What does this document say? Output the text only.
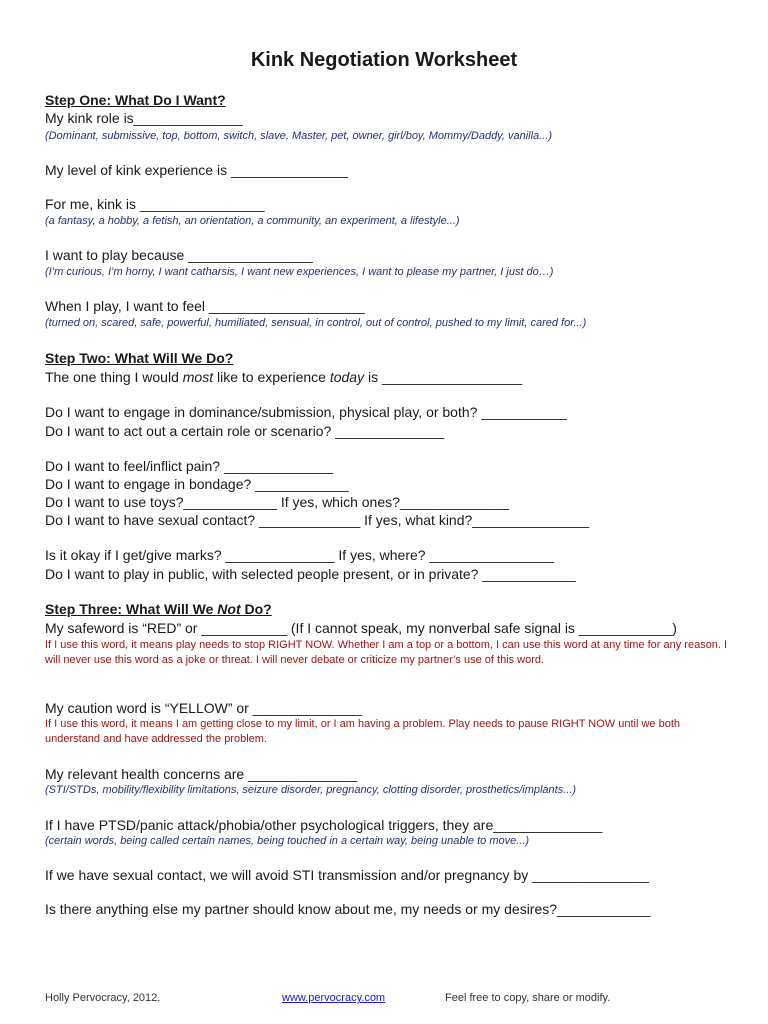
Kink Negotiation Worksheet

Step One: What Do I Want?

My kink role is______________

(Dominant, submissive, top, bottom, switch, slave, Master, pet, owner, girl/boy, Mommy/Daddy, vanilla...)

My level of kink experience is _______________

For me, kink is ________________

(a fantasy, a hobby, a fetish, an orientation, a community, an experiment, a lifestyle...)

I want to play because ________________

(I’m curious, I’m horny, I want catharsis, I want new experiences, I want to please my partner, I just do…)

When I play, I want to feel ____________________

(turned on, scared, safe, powerful, humiliated, sensual, in control, out of control, pushed to my limit, cared for...)

Step Two: What Will We Do?

The one thing I would most like to experience today is __________________

Do I want to engage in dominance/submission, physical play, or both? ___________

Do I want to act out a certain role or scenario? ______________

Do I want to feel/inflict pain? ______________

Do I want to engage in bondage? ____________

Do I want to use toys?____________ If yes, which ones?______________

Do I want to have sexual contact? _____________ If yes, what kind?_______________

Is it okay if I get/give marks? ______________ If yes, where? ________________

Do I want to play in public, with selected people present, or in private? ____________

Step Three: What Will We Not Do?

My safeword is “RED” or ___________ (If I cannot speak, my nonverbal safe signal is ____________)

If I use this word, it means play needs to stop RIGHT NOW. Whether I am a top or a bottom, I can use this word at any time for any reason. I will never use this word as a joke or threat. I will never debate or criticize my partner’s use of this word.

My caution word is “YELLOW” or ______________

If I use this word, it means I am getting close to my limit, or I am having a problem. Play needs to pause RIGHT NOW until we both understand and have addressed the problem.

My relevant health concerns are ______________

(STI/STDs, mobility/flexibility limitations, seizure disorder, pregnancy, clotting disorder, prosthetics/implants...)

If I have PTSD/panic attack/phobia/other psychological triggers, they are______________

(certain words, being called certain names, being touched in a certain way, being unable to move...)

If we have sexual contact, we will avoid STI transmission and/or pregnancy by _______________

Is there anything else my partner should know about me, my needs or my desires?____________

Holly Pervocracy, 2012.	www.pervocracy.com	Feel free to copy, share or modify.
